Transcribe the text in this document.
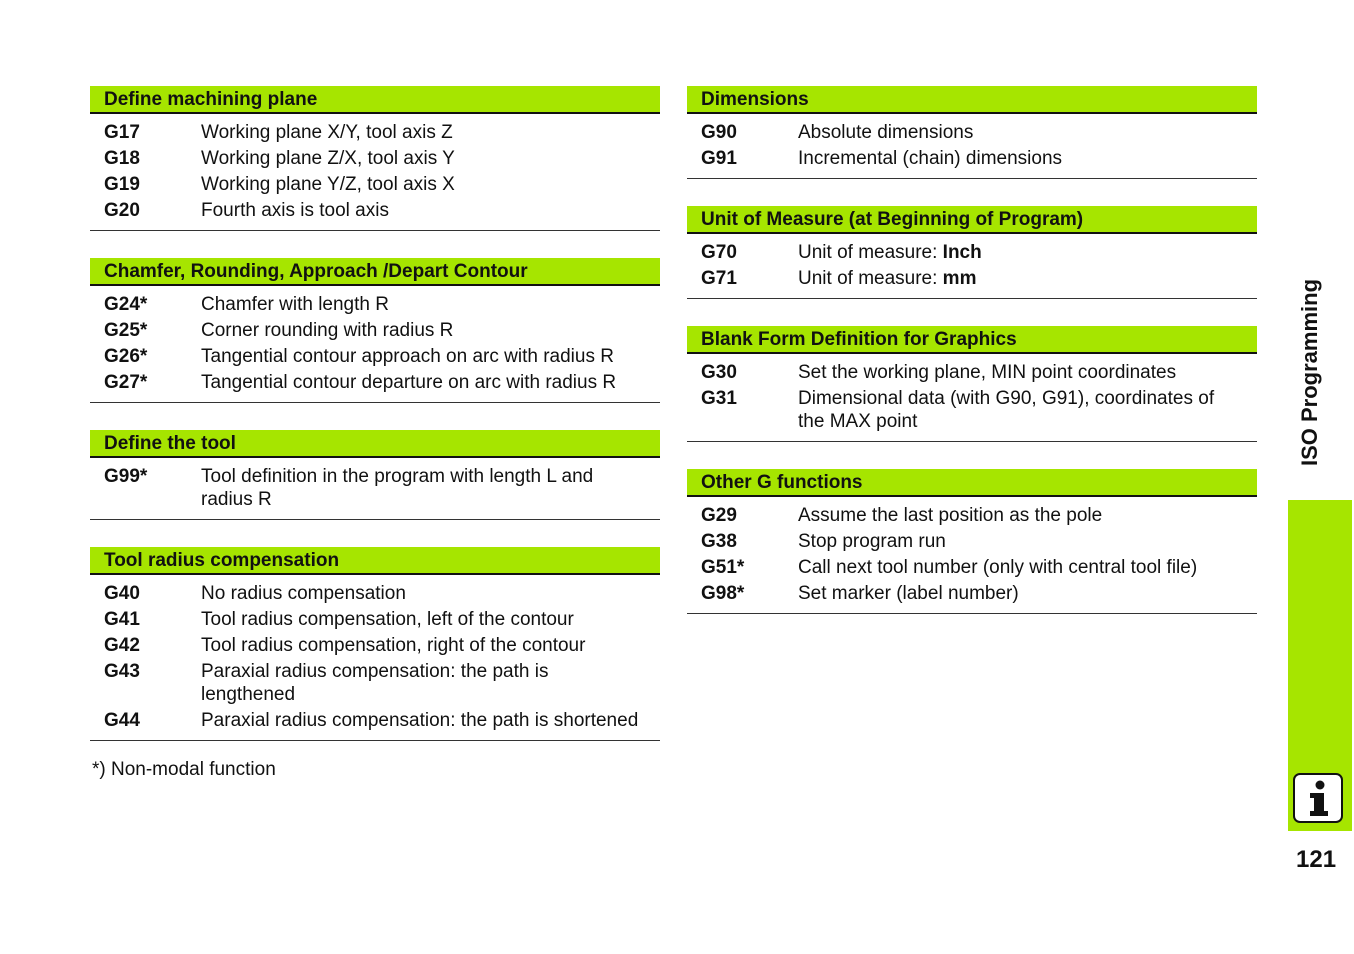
Define machining plane
G17	Working plane X/Y, tool axis Z
G18	Working plane Z/X, tool axis Y
G19	Working plane Y/Z, tool axis X
G20	Fourth axis is tool axis
Chamfer, Rounding, Approach /Depart Contour
G24*	Chamfer with length R
G25*	Corner rounding with radius R
G26*	Tangential contour approach on arc with radius R
G27*	Tangential contour departure on arc with radius R
Define the tool
G99*	Tool definition in the program with length L and radius R
Tool radius compensation
G40	No radius compensation
G41	Tool radius compensation, left of the contour
G42	Tool radius compensation, right of the contour
G43	Paraxial radius compensation: the path is lengthened
G44	Paraxial radius compensation: the path is shortened
*) Non-modal function
Dimensions
G90	Absolute dimensions
G91	Incremental (chain) dimensions
Unit of Measure (at Beginning of Program)
G70	Unit of measure: Inch
G71	Unit of measure: mm
Blank Form Definition for Graphics
G30	Set the working plane, MIN point coordinates
G31	Dimensional data (with G90, G91), coordinates of the MAX point
Other G functions
G29	Assume the last position as the pole
G38	Stop program run
G51*	Call next tool number (only with central tool file)
G98*	Set marker (label number)
ISO Programming
121
